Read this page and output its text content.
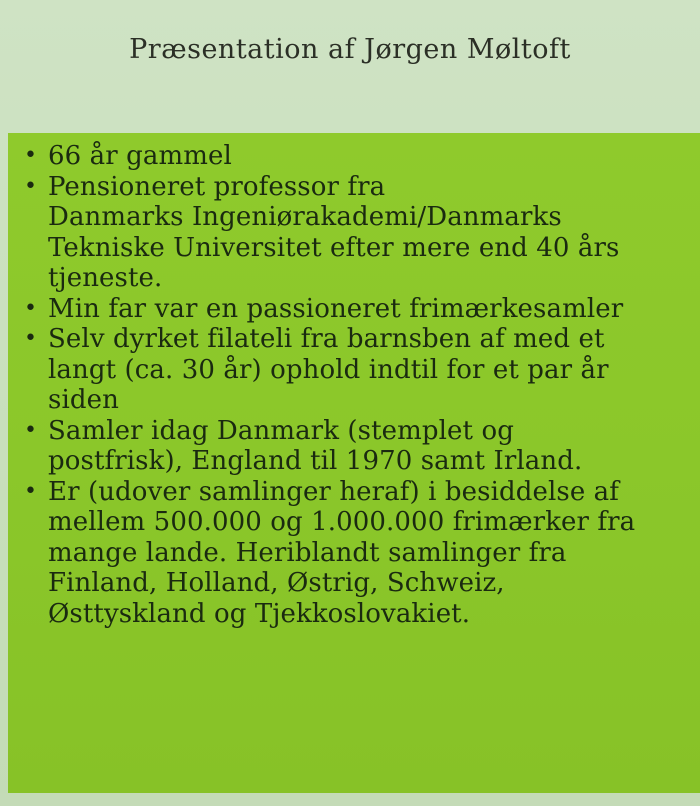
Præsentation af Jørgen Møltoft
• 66 år gammel
• Pensioneret professor fra
Danmarks Ingeniørakademi/Danmarks
Tekniske Universitet efter mere end 40 års
tjeneste.
• Min far var en passioneret frimærkesamler
• Selv dyrket filateli fra barnsben af med et
langt (ca. 30 år) ophold indtil for et par år
siden
• Samler idag Danmark (stemplet og
postfrisk), England til 1970 samt Irland.
• Er (udover samlinger heraf) i besiddelse af
mellem 500.000 og 1.000.000 frimærker fra
mange lande. Heriblandt samlinger fra
Finland, Holland, Østrig, Schweiz,
Østtyskland og Tjekkoslovakiet.
